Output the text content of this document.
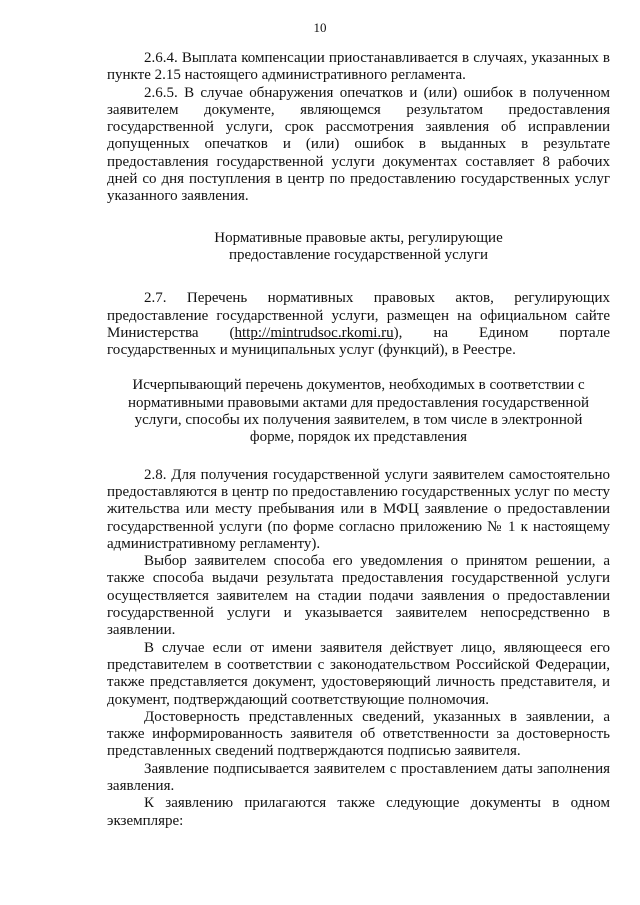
10

2.6.4. Выплата компенсации приостанавливается в случаях, указанных в пункте 2.15 настоящего административного регламента.

2.6.5. В случае обнаружения опечатков и (или) ошибок в полученном заявителем документе, являющемся результатом предоставления государственной услуги, срок рассмотрения заявления об исправлении допущенных опечатков и (или) ошибок в выданных в результате предоставления государственной услуги документах составляет 8 рабочих дней со дня поступления в центр по предоставлению государственных услуг указанного заявления.

Нормативные правовые акты, регулирующие
предоставление государственной услуги

2.7. Перечень нормативных правовых актов, регулирующих предоставление государственной услуги, размещен на официальном сайте Министерства (http://mintrudsoc.rkomi.ru), на Едином портале государственных и муниципальных услуг (функций), в Реестре.

Исчерпывающий перечень документов, необходимых в соответствии с нормативными правовыми актами для предоставления государственной услуги, способы их получения заявителем, в том числе в электронной форме, порядок их представления

2.8. Для получения государственной услуги заявителем самостоятельно предоставляются в центр по предоставлению государственных услуг по месту жительства или месту пребывания или в МФЦ заявление о предоставлении государственной услуги (по форме согласно приложению № 1 к настоящему административному регламенту).

Выбор заявителем способа его уведомления о принятом решении, а также способа выдачи результата предоставления государственной услуги осуществляется заявителем на стадии подачи заявления о предоставлении государственной услуги и указывается заявителем непосредственно в заявлении.

В случае если от имени заявителя действует лицо, являющееся его представителем в соответствии с законодательством Российской Федерации, также представляется документ, удостоверяющий личность представителя, и документ, подтверждающий соответствующие полномочия.

Достоверность представленных сведений, указанных в заявлении, а также информированность заявителя об ответственности за достоверность представленных сведений подтверждаются подписью заявителя.

Заявление подписывается заявителем с проставлением даты заполнения заявления.

К заявлению прилагаются также следующие документы в одном экземпляре:
